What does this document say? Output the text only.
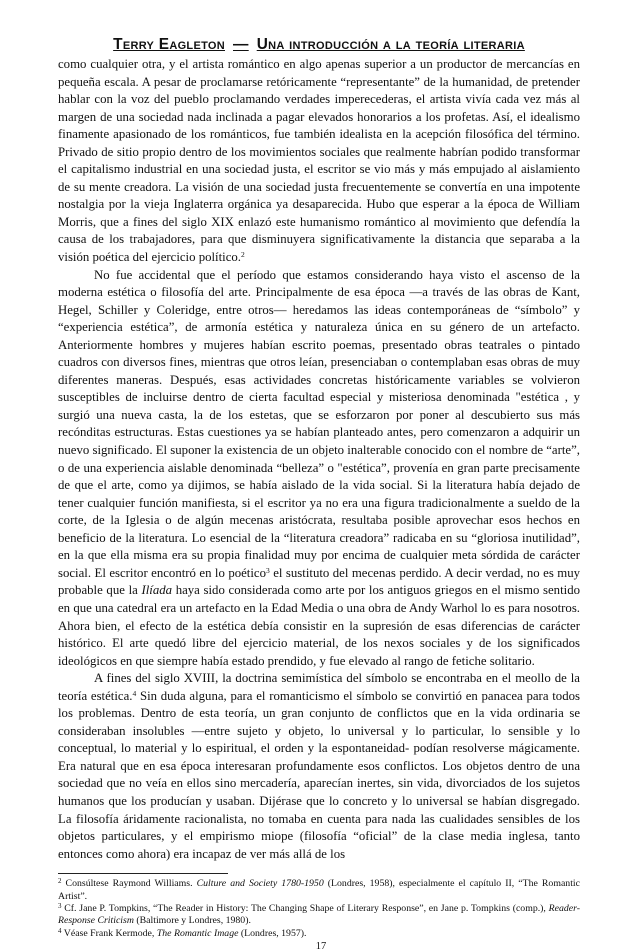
Terry Eagleton — Una introducción a la teoría literaria

como cualquier otra, y el artista romántico en algo apenas superior a un productor de mercancías en pequeña escala. A pesar de proclamarse retóricamente “representante” de la humanidad, de pretender hablar con la voz del pueblo proclamando verdades imperecederas, el artista vivía cada vez más al margen de una sociedad nada inclinada a pagar elevados honorarios a los profetas. Así, el idealismo finamente apasionado de los románticos, fue también idealista en la acepción filosófica del término. Privado de sitio propio dentro de los movimientos sociales que realmente habrían podido transformar el capitalismo industrial en una sociedad justa, el escritor se vio más y más empujado al aislamiento de su mente creadora. La visión de una sociedad justa frecuentemente se convertía en una impotente nostalgia por la vieja Inglaterra orgánica ya desaparecida. Hubo que esperar a la época de William Morris, que a fines del siglo XIX enlazó este humanismo romántico al movimiento que defendía la causa de los trabajadores, para que disminuyera significativamente la distancia que separaba a la visión poética del ejercicio político.$^2$

No fue accidental que el período que estamos considerando haya visto el ascenso de la moderna estética o filosofía del arte. Principalmente de esa época —a través de las obras de Kant, Hegel, Schiller y Coleridge, entre otros— heredamos las ideas contemporáneas de “símbolo” y “experiencia estética”, de armonía estética y naturaleza única en su género de un artefacto. Anteriormente hombres y mujeres habían escrito poemas, presentado obras teatrales o pintado cuadros con diversos fines, mientras que otros leían, presenciaban o contemplaban esas obras de muy diferentes maneras. Después, esas actividades concretas históricamente variables se volvieron susceptibles de incluirse dentro de cierta facultad especial y misteriosa denominada "estética , y surgió una nueva casta, la de los estetas, que se esforzaron por poner al descubierto sus más recónditas estructuras. Estas cuestiones ya se habían planteado antes, pero comenzaron a adquirir un nuevo significado. El suponer la existencia de un objeto inalterable conocido con el nombre de “arte”, o de una experiencia aislable denominada “belleza” o "estética”, provenía en gran parte precisamente de que el arte, como ya dijimos, se había aislado de la vida social. Si la literatura había dejado de tener cualquier función manifiesta, si el escritor ya no era una figura tradicionalmente a sueldo de la corte, de la Iglesia o de algún mecenas aristócrata, resultaba posible aprovechar esos hechos en beneficio de la literatura. Lo esencial de la “literatura creadora” radicaba en su “gloriosa inutilidad”, en la que ella misma era su propia finalidad muy por encima de cualquier meta sórdida de carácter social. El escritor encontró en lo poético$^3$ el sustituto del mecenas perdido. A decir verdad, no es muy probable que la Ilíada haya sido considerada como arte por los antiguos griegos en el mismo sentido en que una catedral era un artefacto en la Edad Media o una obra de Andy Warhol lo es para nosotros. Ahora bien, el efecto de la estética debía consistir en la supresión de esas diferencias de carácter histórico. El arte quedó libre del ejercicio material, de los nexos sociales y de los significados ideológicos en que siempre había estado prendido, y fue elevado al rango de fetiche solitario.

A fines del siglo XVIII, la doctrina semimística del símbolo se encontraba en el meollo de la teoría estética.$^4$ Sin duda alguna, para el romanticismo el símbolo se convirtió en panacea para todos los problemas. Dentro de esta teoría, un gran conjunto de conflictos que en la vida ordinaria se consideraban insolubles —entre sujeto y objeto, lo universal y lo particular, lo sensible y lo conceptual, lo material y lo espiritual, el orden y la espontaneidad- podían resolverse mágicamente. Era natural que en esa época interesaran profundamente esos conflictos. Los objetos dentro de una sociedad que no veía en ellos sino mercadería, aparecían inertes, sin vida, divorciados de los sujetos humanos que los producían y usaban. Dijérase que lo concreto y lo universal se habían disgregado. La filosofía áridamente racionalista, no tomaba en cuenta para nada las cualidades sensibles de los objetos particulares, y el empirismo miope (filosofía “oficial” de la clase media inglesa, tanto entonces como ahora) era incapaz de ver más allá de los

$^2$ Consúltese Raymond Williams. Culture and Society 1780-1950 (Londres, 1958), especialmente el capítulo II, “The Romantic Artist”.

$^3$ Cf. Jane P. Tompkins, “The Reader in History: The Changing Shape of Literary Response”, en Jane p. Tompkins (comp.), Reader-Response Criticism (Baltimore y Londres, 1980).

$^4$ Véase Frank Kermode, The Romantic Image (Londres, 1957).

17
